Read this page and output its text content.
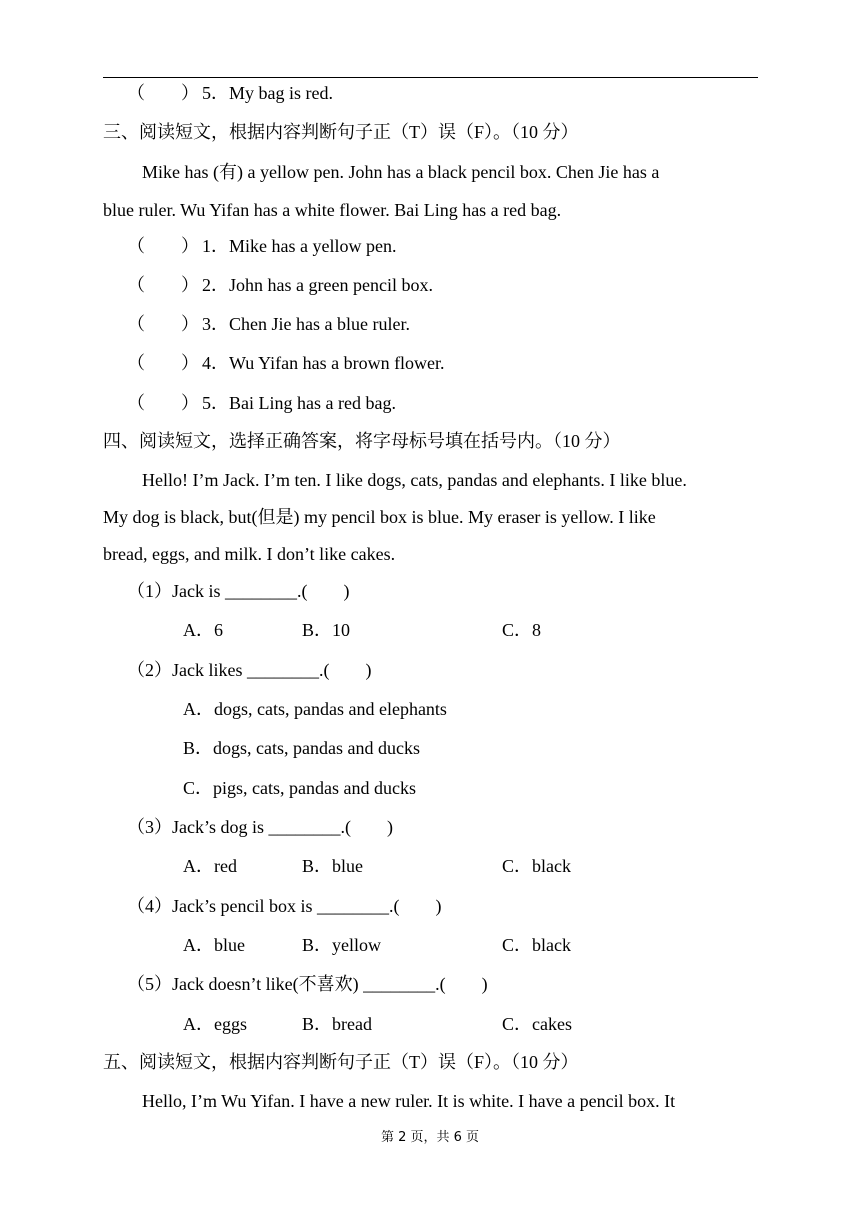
（　　） 5．My bag is red.
三、阅读短文，根据内容判断句子正（T）误（F）。（10 分）
Mike has (有) a yellow pen. John has a black pencil box. Chen Jie has a
blue ruler. Wu Yifan has a white flower. Bai Ling has a red bag.
（　　） 1．Mike has a yellow pen.
（　　） 2．John has a green pencil box.
（　　） 3．Chen Jie has a blue ruler.
（　　） 4．Wu Yifan has a brown flower.
（　　） 5．Bai Ling has a red bag.
四、阅读短文，选择正确答案，将字母标号填在括号内。（10 分）
Hello! I’m Jack. I’m ten. I like dogs, cats, pandas and elephants. I like blue.
My dog is black, but(但是) my pencil box is blue. My eraser is yellow. I like
bread, eggs, and milk. I don’t like cakes.
（1）Jack is ________.(　　)
A．6	B．10	C．8
（2）Jack likes ________.(　　)
A．dogs, cats, pandas and elephants
B．dogs, cats, pandas and ducks
C．pigs, cats, pandas and ducks
（3）Jack’s dog is ________.(　　)
A．red	B．blue	C．black
（4）Jack’s pencil box is ________.(　　)
A．blue	B．yellow	C．black
（5）Jack doesn’t like(不喜欢) ________.(　　)
A．eggs	B．bread	C．cakes
五、阅读短文，根据内容判断句子正（T）误（F）。（10 分）
Hello, I’m Wu Yifan. I have a new ruler. It is white. I have a pencil box. It
第 2 页，共 6 页
